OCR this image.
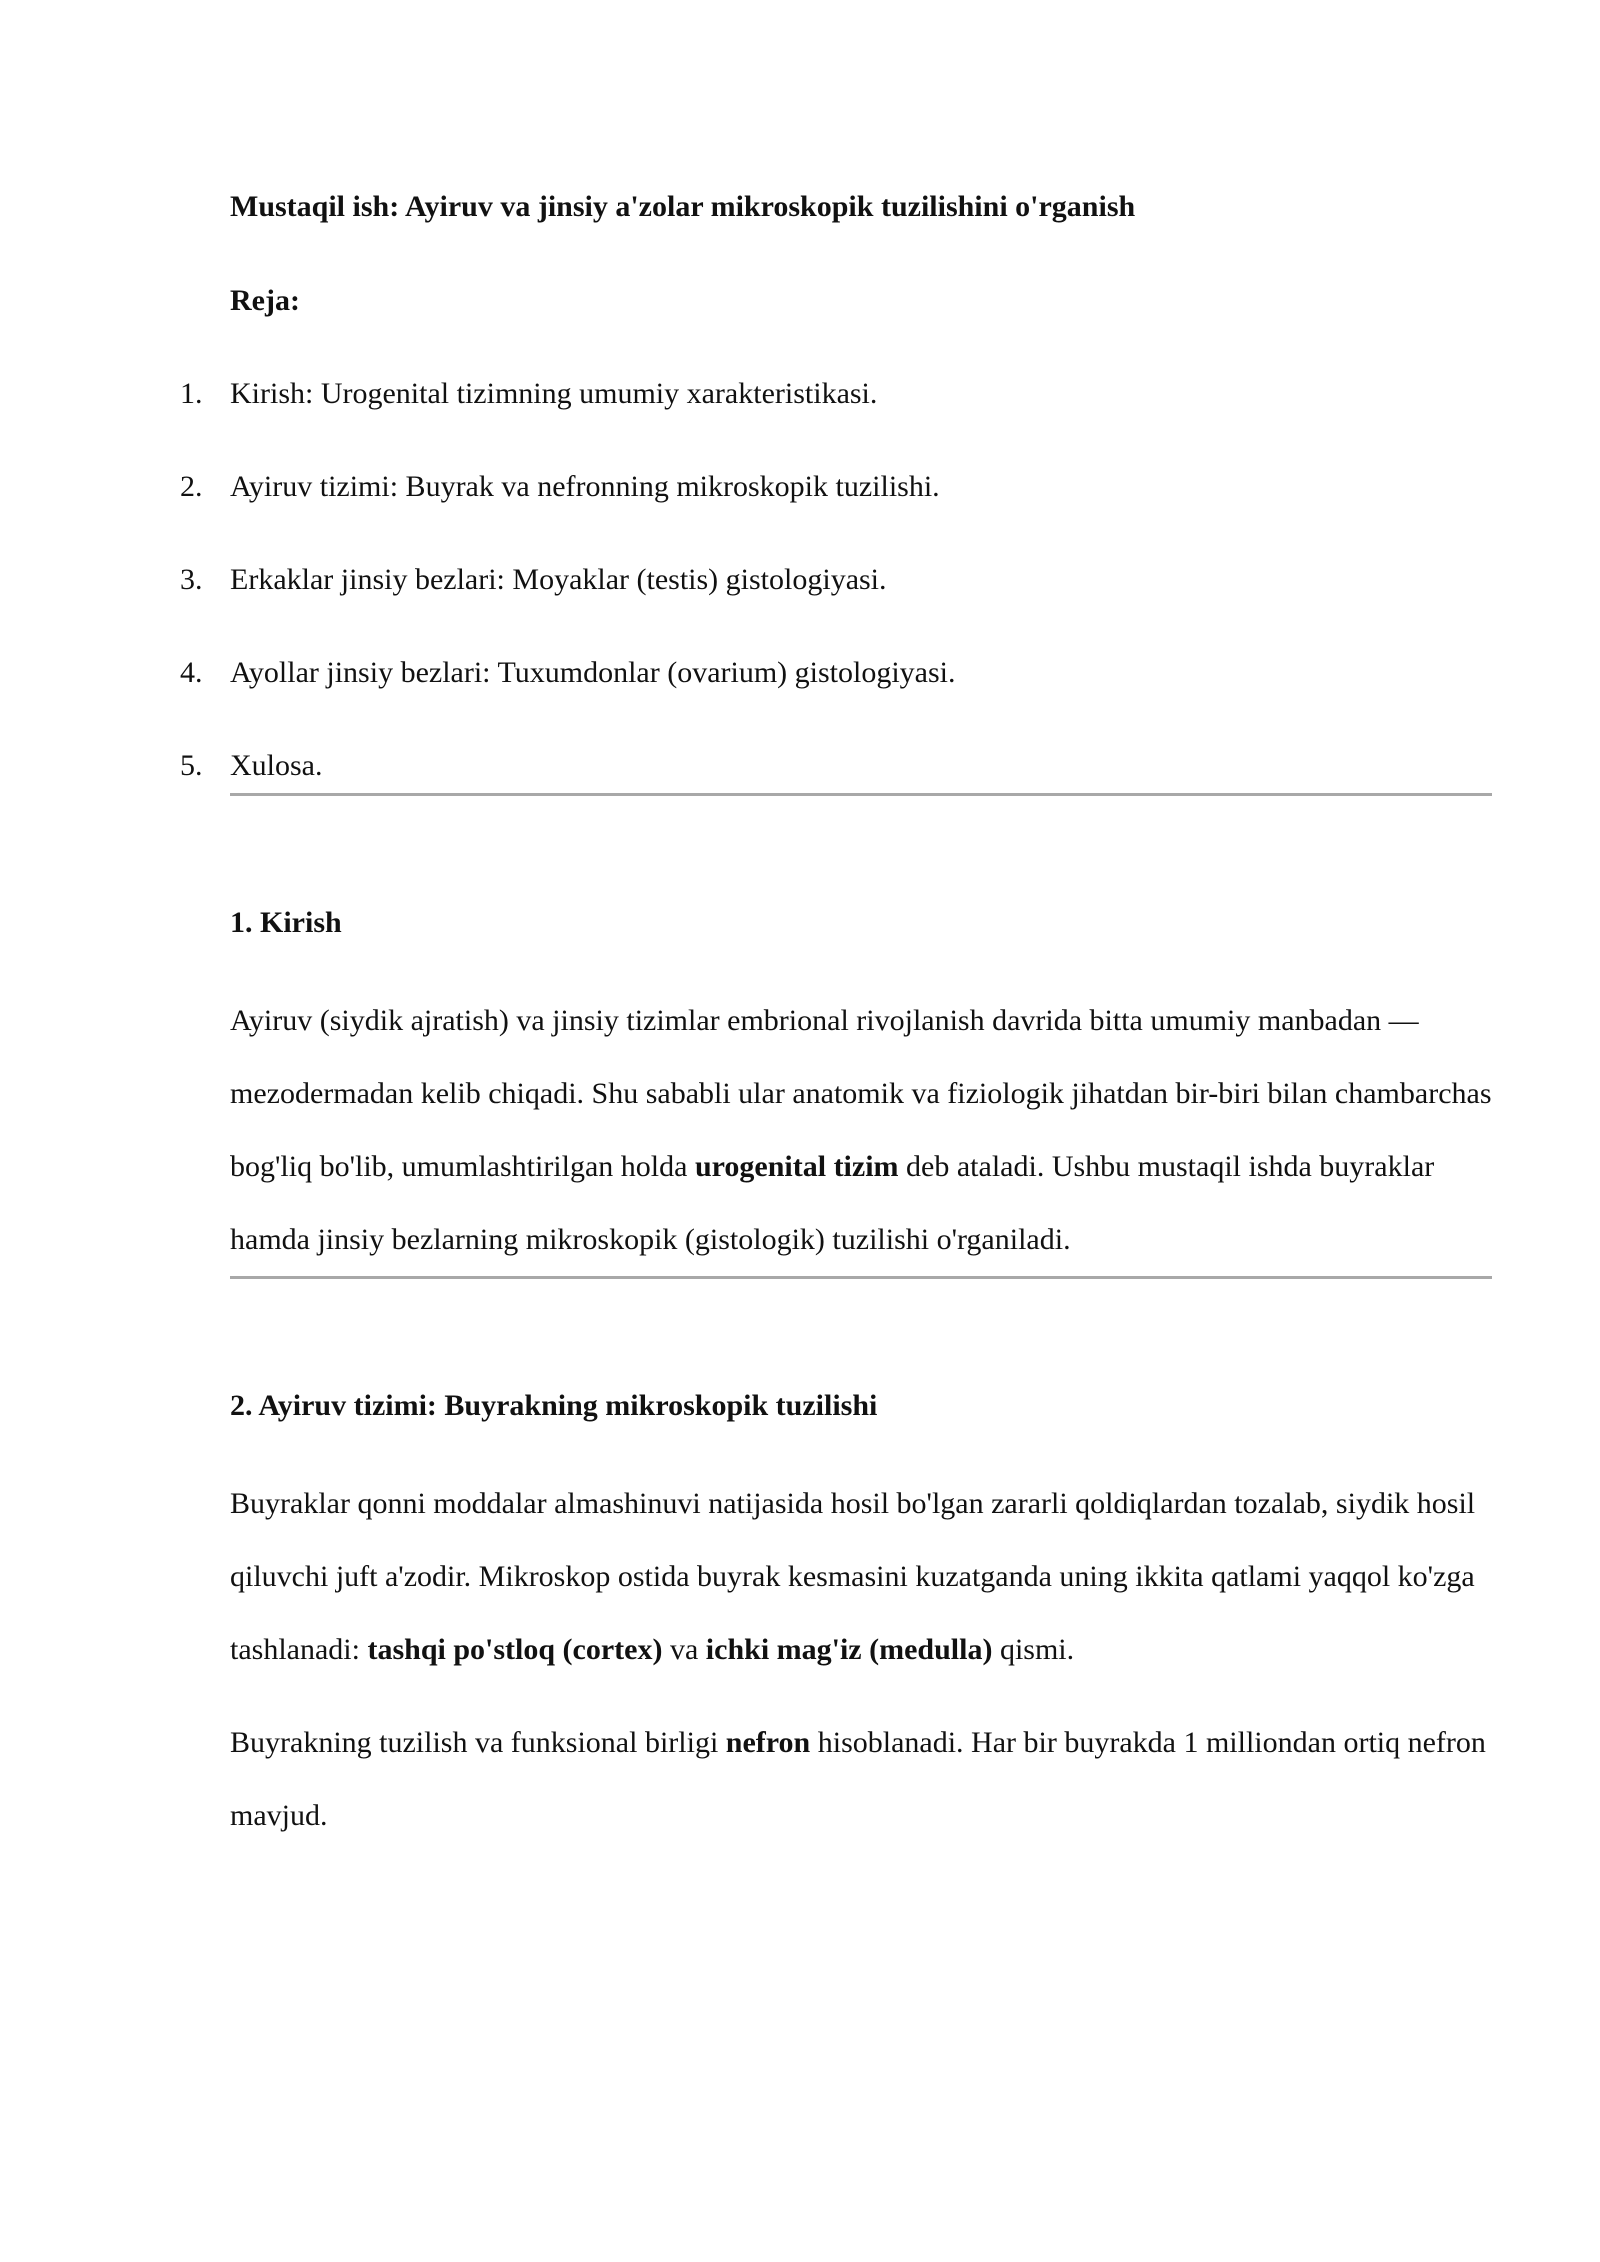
Mustaqil ish: Ayiruv va jinsiy a'zolar mikroskopik tuzilishini o'rganish

Reja:

1. Kirish: Urogenital tizimning umumiy xarakteristikasi.
2. Ayiruv tizimi: Buyrak va nefronning mikroskopik tuzilishi.
3. Erkaklar jinsiy bezlari: Moyaklar (testis) gistologiyasi.
4. Ayollar jinsiy bezlari: Tuxumdonlar (ovarium) gistologiyasi.
5. Xulosa.

1. Kirish

Ayiruv (siydik ajratish) va jinsiy tizimlar embrional rivojlanish davrida bitta umumiy manbadan — mezodermadan kelib chiqadi. Shu sababli ular anatomik va fiziologik jihatdan bir-biri bilan chambarchas bog'liq bo'lib, umumlashtirilgan holda urogenital tizim deb ataladi. Ushbu mustaqil ishda buyraklar hamda jinsiy bezlarning mikroskopik (gistologik) tuzilishi o'rganiladi.

2. Ayiruv tizimi: Buyrakning mikroskopik tuzilishi

Buyraklar qonni moddalar almashinuvi natijasida hosil bo'lgan zararli qoldiqlardan tozalab, siydik hosil qiluvchi juft a'zodir. Mikroskop ostida buyrak kesmasini kuzatganda uning ikkita qatlami yaqqol ko'zga tashlanadi: tashqi po'stloq (cortex) va ichki mag'iz (medulla) qismi.

Buyrakning tuzilish va funksional birligi nefron hisoblanadi. Har bir buyrakda 1 milliondan ortiq nefron mavjud.
